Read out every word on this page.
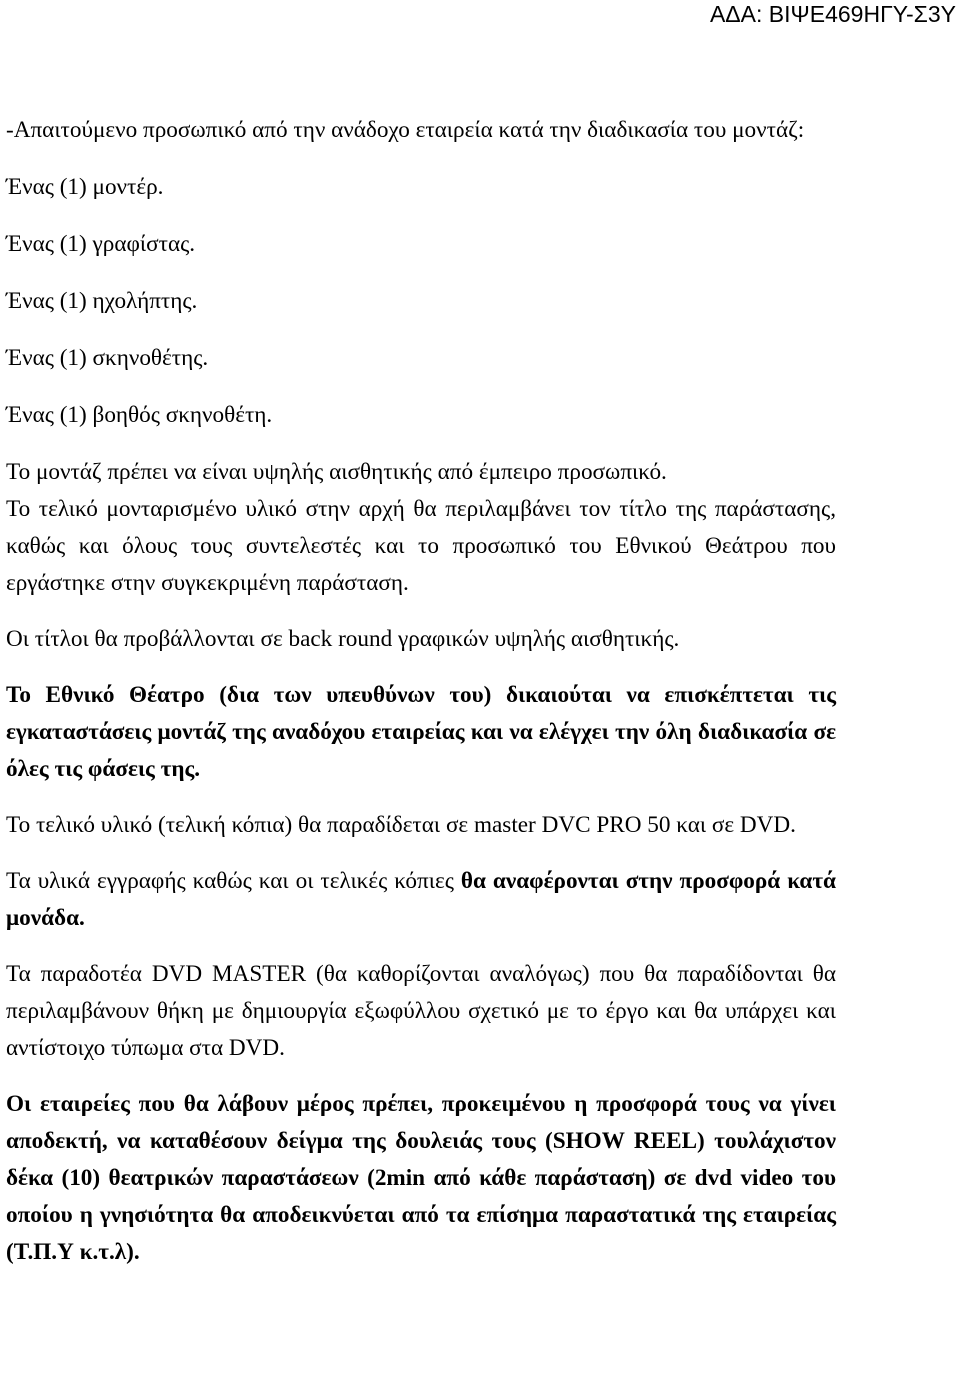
ΑΔΑ: ΒΙΨΕ469ΗΓΥ-Σ3Υ

-Απαιτούμενο προσωπικό από την ανάδοχο εταιρεία κατά την διαδικασία του μοντάζ:

Ένας (1) μοντέρ.

Ένας (1) γραφίστας.

Ένας (1) ηχολήπτης.

Ένας (1) σκηνοθέτης.

Ένας (1) βοηθός σκηνοθέτη.

Το μοντάζ πρέπει να είναι υψηλής αισθητικής από έμπειρο προσωπικό.

Το τελικό μονταρισμένο υλικό στην αρχή θα περιλαμβάνει τον τίτλο της παράστασης, καθώς και όλους τους συντελεστές και το προσωπικό του Εθνικού Θεάτρου που εργάστηκε στην συγκεκριμένη παράσταση.

Οι τίτλοι θα προβάλλονται σε back round γραφικών υψηλής αισθητικής.

Το Εθνικό Θέατρο (δια των υπευθύνων του) δικαιούται να επισκέπτεται τις εγκαταστάσεις μοντάζ της αναδόχου εταιρείας και να ελέγχει την όλη διαδικασία σε όλες τις φάσεις της.

Το τελικό υλικό (τελική κόπια) θα παραδίδεται σε master DVC PRO 50 και σε DVD.

Τα υλικά εγγραφής καθώς και οι τελικές κόπιες θα αναφέρονται στην προσφορά κατά μονάδα.

Τα παραδοτέα DVD MASTER (θα καθορίζονται αναλόγως) που θα παραδίδονται θα περιλαμβάνουν θήκη με δημιουργία εξωφύλλου σχετικό με το έργο και θα υπάρχει και αντίστοιχο τύπωμα στα DVD.

Οι εταιρείες που θα λάβουν μέρος πρέπει, προκειμένου η προσφορά τους να γίνει αποδεκτή, να καταθέσουν δείγμα της δουλειάς τους (SHOW REEL) τουλάχιστον δέκα (10) θεατρικών παραστάσεων (2min από κάθε παράσταση) σε dvd video του οποίου η γνησιότητα θα αποδεικνύεται από τα επίσημα παραστατικά της εταιρείας (Τ.Π.Υ κ.τ.λ).
